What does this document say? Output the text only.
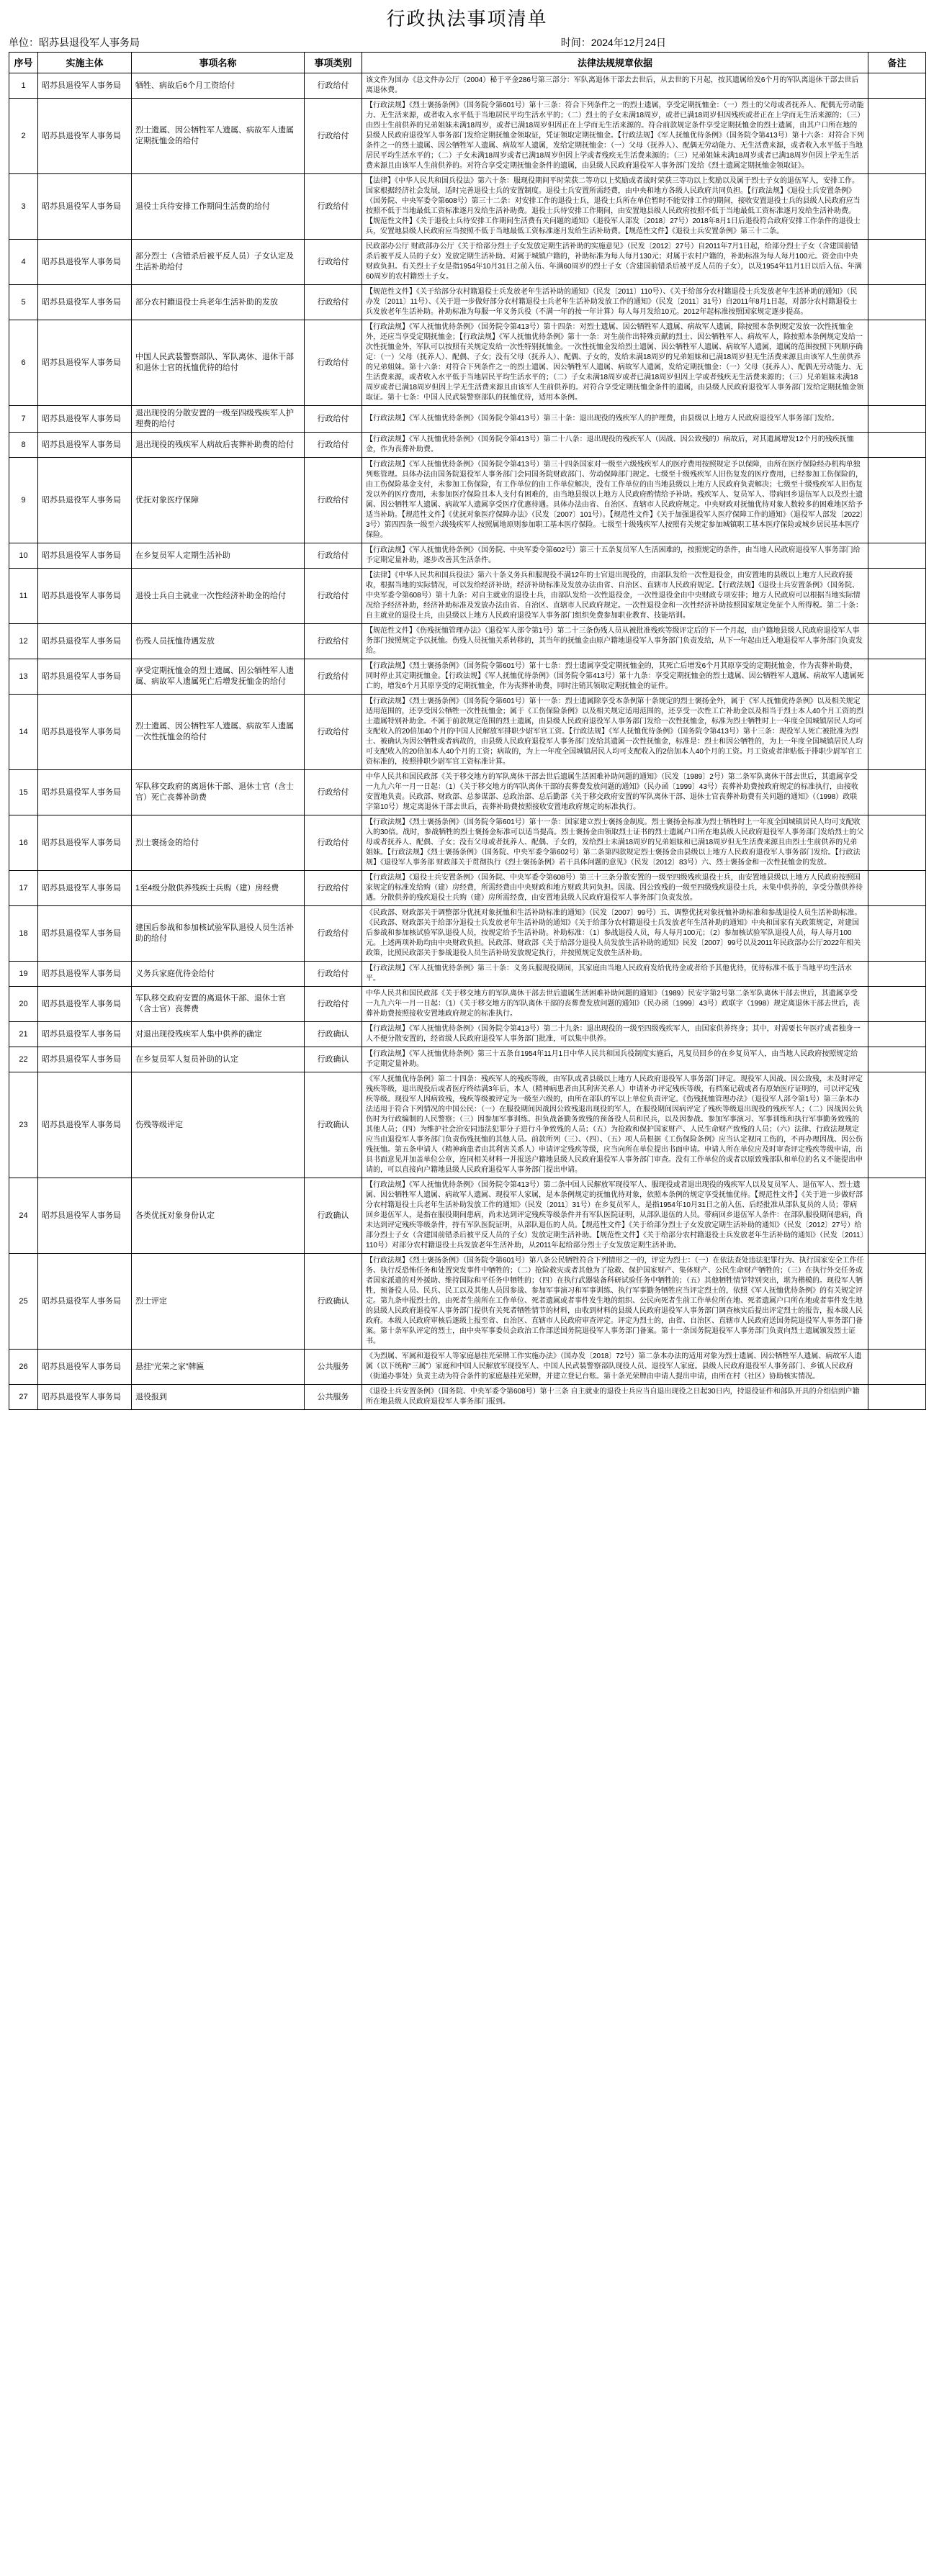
行政执法事项清单
单位：昭苏县退役军人事务局	时间：2024年12月24日
序号	实施主体	事项名称	事项类别	法律法规规章依据	备注
1	昭苏县退役军人事务局	牺牲、病故后6个月工资给付	行政给付	该文件为国办《总文件办公厅（2004）秘于平金286号第三部分：军队离退休干部去去世后，从去世的下月起，按其遗属给发6个月的军队离退休干部去世后离退休费。	
2	昭苏县退役军人事务局	烈士遗属、因公牺牲军人遗属、病故军人遗属定期抚恤金的给付	行政给付	【行政法规】《烈士褒扬条例》（国务院令第601号）第十三条：符合下列条件之一的烈士遗属，享受定期抚恤金：（一）烈士的父母或者抚养人、配偶无劳动能力、无生活来源，或者收入水平低于当地居民平均生活水平的；（二）烈士的子女未满18周岁，或者已满18周岁但因残疾或者正在上学而无生活来源的；（三）由烈士生前供养的兄弟姐妹未满18周岁，或者已满18周岁但因正在上学而无生活来源的。符合前款规定条件享受定期抚恤金的烈士遗属，由其户口所在地的县级人民政府退役军人事务部门发给定期抚恤金领取证，凭证领取定期抚恤金。【行政法规】《军人抚恤优待条例》（国务院令第413号）第十六条：对符合下列条件之一的烈士遗属、因公牺牲军人遗属、病故军人遗属，发给定期抚恤金：（一）父母（抚养人）、配偶无劳动能力、无生活费来源，或者收入水平低于当地居民平均生活水平的；（二）子女未满18周岁或者已满18周岁但因上学或者残疾无生活费来源的；（三）兄弟姐妹未满18周岁或者已满18周岁但因上学无生活费来源且由该军人生前供养的。对符合享受定期抚恤金条件的遗属，由县级人民政府退役军人事务部门发给《烈士遗属定期抚恤金领取证》。	
3	昭苏县退役军人事务局	退役士兵待安排工作期间生活费的给付	行政给付	【法律】《中华人民共和国兵役法》第六十条：服现役期间平时荣获二等功以上奖励或者战时荣获三等功以上奖励以及属于烈士子女的退伍军人，安排工作。国家根据经济社会发展，适时完善退役士兵的安置制度。退役士兵安置所需经费，由中央和地方各级人民政府共同负担。【行政法规】《退役士兵安置条例》（国务院、中央军委令第608号）第三十二条：对安排工作的退役士兵，退役士兵所在单位暂时不能安排工作的期间，接收安置退役士兵的县级人民政府应当按照不低于当地最低工资标准逐月发给生活补助费。退役士兵待安排工作期间，由安置地县级人民政府按照不低于当地最低工资标准逐月发给生活补助费。【规范性文件】《关于退役士兵待安排工作期间生活费有关问题的通知》（退役军人部发〔2018〕27号）2018年8月1日后退役符合政府安排工作条件的退役士兵，安置地县级人民政府应当按照不低于当地最低工资标准逐月发给生活补助费。【规范性文件】《退役士兵安置条例》第三十二条。	
4	昭苏县退役军人事务局	部分烈士（含错杀后被平反人员）子女认定及生活补助给付	行政给付	民政部办公厅 财政部办公厅《关于给部分烈士子女发放定期生活补助的实施意见》（民发〔2012〕27号）自2011年7月1日起，给部分烈士子女（含建国前错杀后被平反人员的子女）发放定期生活补助。对属于城镇户籍的，补助标准为每人每月130元；对属于农村户籍的，补助标准为每人每月100元。资金由中央财政负担。有关烈士子女是指1954年10月31日之前入伍、年满60周岁的烈士子女（含建国前错杀后被平反人员的子女），以及1954年11月1日以后入伍、年满60周岁的农村籍烈士子女。	
5	昭苏县退役军人事务局	部分农村籍退役士兵老年生活补助的发放	行政给付	【规范性文件】《关于给部分农村籍退役士兵发放老年生活补助的通知》（民发〔2011〕110号）、《关于给部分农村籍退役士兵发放老年生活补助的通知》（民办发〔2011〕11号）、《关于进一步做好部分农村籍退役士兵老年生活补助发放工作的通知》（民发〔2011〕31号）自2011年8月1日起，对部分农村籍退役士兵发放老年生活补助。补助标准为每服一年义务兵役（不满一年的按一年计算）每人每月发给10元。2012年起标准按照国家规定逐步提高。	
6	昭苏县退役军人事务局	中国人民武装警察部队、军队离休、退休干部和退休士官的抚恤优待的给付	行政给付	【行政法规】《军人抚恤优待条例》（国务院令第413号）第十四条：对烈士遗属、因公牺牲军人遗属、病故军人遗属，除按照本条例规定发放一次性抚恤金外，还应当享受定期抚恤金；【行政法规】《军人抚恤优待条例》第十一条：对生前作出特殊贡献的烈士、因公牺牲军人、病故军人，除按照本条例规定发给一次性抚恤金外，军队可以按照有关规定发给一次性特别抚恤金。一次性抚恤金发给烈士遗属、因公牺牲军人遗属、病故军人遗属，遗属的范围按照下列顺序确定：（一）父母（抚养人）、配偶、子女；没有父母（抚养人）、配偶、子女的，发给未满18周岁的兄弟姐妹和已满18周岁但无生活费来源且由该军人生前供养的兄弟姐妹。第十六条：对符合下列条件之一的烈士遗属、因公牺牲军人遗属、病故军人遗属，发给定期抚恤金：（一）父母（抚养人）、配偶无劳动能力、无生活费来源，或者收入水平低于当地居民平均生活水平的；（二）子女未满18周岁或者已满18周岁但因上学或者残疾无生活费来源的；（三）兄弟姐妹未满18周岁或者已满18周岁但因上学无生活费来源且由该军人生前供养的。对符合享受定期抚恤金条件的遗属，由县级人民政府退役军人事务部门发给定期抚恤金领取证。第十七条：中国人民武装警察部队的抚恤优待，适用本条例。	
7	昭苏县退役军人事务局	退出现役的分散安置的一级至四级残疾军人护理费的给付	行政给付	【行政法规】《军人抚恤优待条例》（国务院令第413号）第三十条：退出现役的残疾军人的护理费，由县级以上地方人民政府退役军人事务部门发给。	
8	昭苏县退役军人事务局	退出现役的残疾军人病故后丧葬补助费的给付	行政给付	【行政法规】《军人抚恤优待条例》（国务院令第413号）第二十八条：退出现役的残疾军人（因战、因公致残的）病故后，对其遗属增发12个月的残疾抚恤金，作为丧葬补助费。	
9	昭苏县退役军人事务局	优抚对象医疗保障	行政给付	【行政法规】《军人抚恤优待条例》（国务院令第413号）第三十四条国家对一级至六级残疾军人的医疗费用按照规定予以保障，由所在医疗保险经办机构单独列账管理。具体办法由国务院退役军人事务部门会同国务院财政部门、劳动保障部门规定。七级至十级残疾军人旧伤复发的医疗费用，已经参加工伤保险的，由工伤保险基金支付，未参加工伤保险，有工作单位的由工作单位解决，没有工作单位的由当地县级以上地方人民政府负责解决；七级至十级残疾军人旧伤复发以外的医疗费用，未参加医疗保险且本人支付有困难的，由当地县级以上地方人民政府酌情给予补助。残疾军人、复员军人、带病回乡退伍军人以及烈士遗属、因公牺牲军人遗属、病故军人遗属享受医疗优惠待遇。具体办法由省、自治区、直辖市人民政府规定。中央财政对抚恤优待对象人数较多的困难地区给予适当补助。【规范性文件】《优抚对象医疗保障办法》（民发〔2007〕101号）。【规范性文件】《关于加强退役军人医疗保障工作的通知》（退役军人部发〔2022〕3号）第四四条一级至六级残疾军人按照属地原则参加职工基本医疗保险。七级至十级残疾军人按照有关规定参加城镇职工基本医疗保险或城乡居民基本医疗保险。	
10	昭苏县退役军人事务局	在乡复员军人定期生活补助	行政给付	【行政法规】《军人抚恤优待条例》（国务院、中央军委令第602号）第三十五条复员军人生活困难的，按照规定的条件，由当地人民政府退役军人事务部门给予定期定量补助，逐步改善其生活条件。	
11	昭苏县退役军人事务局	退役士兵自主就业一次性经济补助金的给付	行政给付	【法律】《中华人民共和国兵役法》第六十条义务兵和服现役不满12年的士官退出现役的，由部队发给一次性退役金，由安置地的县级以上地方人民政府接收，根据当地的实际情况，可以发给经济补助，经济补助标准及发放办法由省、自治区、直辖市人民政府规定。【行政法规】《退役士兵安置条例》（国务院、中央军委令第608号）第十九条：对自主就业的退役士兵，由部队发给一次性退役金，一次性退役金由中央财政专项安排；地方人民政府可以根据当地实际情况给予经济补助，经济补助标准及发放办法由省、自治区、直辖市人民政府规定。一次性退役金和一次性经济补助按照国家规定免征个人所得税。第二十条：自主就业的退役士兵，由县级以上地方人民政府退役军人事务部门组织免费参加职业教育、技能培训。	
12	昭苏县退役军人事务局	伤残人员抚恤待遇发放	行政给付	【规范性文件】《伤残抚恤管理办法》（退役军人部令第1号）第二十三条伤残人员从被批准残疾等级评定后的下一个月起，由户籍地县级人民政府退役军人事务部门按照规定予以抚恤。伤残人员抚恤关系转移的，其当年的抚恤金由原户籍地退役军人事务部门负责发给，从下一年起由迁入地退役军人事务部门负责发给。	
13	昭苏县退役军人事务局	享受定期抚恤金的烈士遗属、因公牺牲军人遗属、病故军人遗属死亡后增发抚恤金的给付	行政给付	【行政法规】《烈士褒扬条例》（国务院令第601号）第十七条：烈士遗属享受定期抚恤金的，其死亡后增发6个月其原享受的定期抚恤金，作为丧葬补助费，同时停止其定期抚恤金。【行政法规】《军人抚恤优待条例》（国务院令第413号）第十九条：享受定期抚恤金的烈士遗属、因公牺牲军人遗属、病故军人遗属死亡的，增发6个月其原享受的定期抚恤金，作为丧葬补助费，同时注销其领取定期抚恤金的证件。	
14	昭苏县退役军人事务局	烈士遗属、因公牺牲军人遗属、病故军人遗属一次性抚恤金的给付	行政给付	【行政法规】《烈士褒扬条例》（国务院令第601号）第十一条：烈士遗属除享受本条例第十条规定的烈士褒扬金外，属于《军人抚恤优待条例》以及相关规定适用范围的，还享受因公牺牲一次性抚恤金；属于《工伤保险条例》以及相关规定适用范围的，还享受一次性工亡补助金以及相当于烈士本人40个月工资的烈士遗属特别补助金。不属于前款规定范围的烈士遗属，由县级人民政府退役军人事务部门发给一次性抚恤金，标准为烈士牺牲时上一年度全国城镇居民人均可支配收入的20倍加40个月的中国人民解放军排职少尉军官工资。【行政法规】《军人抚恤优待条例》（国务院令第413号）第十三条：现役军人死亡被批准为烈士、被确认为因公牺牲或者病故的，由县级人民政府退役军人事务部门发给其遗属一次性抚恤金，标准是：烈士和因公牺牲的，为上一年度全国城镇居民人均可支配收入的20倍加本人40个月的工资；病故的，为上一年度全国城镇居民人均可支配收入的2倍加本人40个月的工资。月工资或者津贴低于排职少尉军官工资标准的，按照排职少尉军官工资标准计算。	
15	昭苏县退役军人事务局	军队移交政府的离退休干部、退休士官（含士官）死亡丧葬补助费	行政给付	中华人民共和国民政部《关于移交地方的军队离休干部去世后遗属生活困难补助问题的通知》（民发〔1989〕2号）第二条军队离休干部去世后，其遗属享受一九九六年一月一日起：（1）《关于移交地方的军队离休干部的丧葬费发放问题的通知》（民办函〔1999〕43号）丧葬补助费按政府规定的标准执行，由接收安置地负责。民政部、财政部、总参谋部、总政治部、总后勤部《关于移交政府安置的军队离休干部、退休士官丧葬补助费有关问题的通知》（（1998）政联字第10号）规定离退休干部去世后，丧葬补助费按照接收安置地政府规定的标准执行。	
16	昭苏县退役军人事务局	烈士褒扬金的给付	行政给付	【行政法规】《烈士褒扬条例》（国务院令第601号）第十一条：国家建立烈士褒扬金制度。烈士褒扬金标准为烈士牺牲时上一年度全国城镇居民人均可支配收入的30倍。战时，参战牺牲的烈士褒扬金标准可以适当提高。烈士褒扬金由领取烈士证书的烈士遗属户口所在地县级人民政府退役军人事务部门发给烈士的父母或者抚养人、配偶、子女；没有父母或者抚养人、配偶、子女的，发给烈士未满18周岁的兄弟姐妹和已满18周岁但无生活费来源且由烈士生前供养的兄弟姐妹。【行政法规】《烈士褒扬条例》（国务院、中央军委令第602号）第二条第四款规定烈士褒扬金由县级以上地方人民政府退役军人事务部门发给。【行政法规】《退役军人事务部 财政部关于贯彻执行《烈士褒扬条例》若干具体问题的意见》（民发〔2012〕83号）六、烈士褒扬金和一次性抚恤金的发放。	
17	昭苏县退役军人事务局	1至4级分散供养残疾士兵购（建）房经费	行政给付	【行政法规】《退役士兵安置条例》（国务院、中央军委令第608号）第三十三条分散安置的一级至四级残疾退役士兵，由安置地县级以上地方人民政府按照国家规定的标准发给购（建）房经费，所需经费由中央财政和地方财政共同负担。因战、因公致残的一级至四级残疾退役士兵，未集中供养的，享受分散供养待遇。分散供养的残疾退役士兵购（建）房所需经费，由安置地县级人民政府退役军人事务部门负责发放。	
18	昭苏县退役军人事务局	建国后参战和参加核试验军队退役人员生活补助的给付	行政给付	《民政部、财政部关于调整部分优抚对象抚恤和生活补助标准的通知》（民发〔2007〕99号）五、调整优抚对象抚恤补助标准和参战退役人员生活补助标准。《民政部、财政部关于给部分退役士兵发放老年生活补助的通知》《关于给部分农村籍退役士兵发放老年生活补助的通知》中央和国家有关政策规定，对建国后参战和参加核试验军队退役人员，按规定给予生活补助。补助标准：（1）参战退役人员，每人每月100元；（2）参加核试验军队退役人员，每人每月100元。上述两项补助均由中央财政负担。民政部、财政部《关于给部分退役人员发放生活补助的通知》民发〔2007〕99号以及2011年民政部办公厅2022年相关政策，比照民政部关于参战退役人员生活补助发放规定执行，并按照规定发放生活补助。	
19	昭苏县退役军人事务局	义务兵家庭优待金给付	行政给付	【行政法规】《军人抚恤优待条例》第三十条：义务兵服现役期间，其家庭由当地人民政府发给优待金或者给予其他优待，优待标准不低于当地平均生活水平。	
20	昭苏县退役军人事务局	军队移交政府安置的离退休干部、退休士官（含士官）丧葬费	行政给付	中华人民共和国民政部《关于移交地方的军队离休干部去世后遗属生活困难补助问题的通知》（1989）民安字第2号第二条军队离休干部去世后，其遗属享受一九九六年一月一日起：（1）《关于移交地方的军队离休干部的丧葬费发放问题的通知》（民办函〔1999〕43号）政联字（1998）规定离退休干部去世后，丧葬补助费按照接收安置地政府规定的标准执行。	
21	昭苏县退役军人事务局	对退出现役残疾军人集中供养的确定	行政确认	【行政法规】《军人抚恤优待条例》（国务院令第413号）第二十九条：退出现役的一级至四级残疾军人，由国家供养终身；其中，对需要长年医疗或者独身一人不便分散安置的，经省级人民政府退役军人事务部门批准，可以集中供养。	
22	昭苏县退役军人事务局	在乡复员军人复员补助的认定	行政确认	【行政法规】《军人抚恤优待条例》第三十五条自1954年11月1日中华人民共和国兵役制度实施后，凡复员回乡的在乡复员军人，由当地人民政府按照规定给予定期定量补助。	
23	昭苏县退役军人事务局	伤残等级评定	行政确认	《军人抚恤优待条例》第二十四条：残疾军人的残疾等级，由军队或者县级以上地方人民政府退役军人事务部门评定。现役军人因战、因公致残，未及时评定残疾等级，退出现役后或者医疗终结满3年后，本人（精神病患者由其利害关系人）申请补办评定残疾等级，有档案记载或者有原始医疗证明的，可以评定残疾等级。现役军人因病致残，残疾等级被评定为一级至六级的，由所在部队的军以上单位负责评定。《伤残抚恤管理办法》（退役军人部令第1号）第三条本办法适用于符合下列情况的中国公民：（一）在服役期间因战因公致残退出现役的军人，在服役期间因病评定了残疾等级退出现役的残疾军人；（二）因战因公负伤时为行政编制的人民警察；（三）因参加军事训练、担负战备勤务致残的预备役人员和民兵，以及因参战、参加军事演习、军事训练和执行军事勤务致残的其他人员；（四）为维护社会治安同违法犯罪分子进行斗争致残的人员；（五）为抢救和保护国家财产、人民生命财产致残的人员；（六）法律、行政法规规定应当由退役军人事务部门负责伤残抚恤的其他人员。前款所列（三）、（四）、（五）项人员根据《工伤保险条例》应当认定视同工伤的，不再办理因战、因公伤残抚恤。第五条申请人（精神病患者由其利害关系人）申请评定残疾等级，应当向所在单位提出书面申请。申请人所在单位应及时审查评定残疾等级申请，出具书面意见并加盖单位公章，连同相关材料一并报送户籍地县级人民政府退役军人事务部门审查。没有工作单位的或者以原致残部队和单位的名义不能提出申请的，可以直接向户籍地县级人民政府退役军人事务部门提出申请。	
24	昭苏县退役军人事务局	各类优抚对象身份认定	行政确认	【行政法规】《军人抚恤优待条例》（国务院令第413号）第二条中国人民解放军现役军人、服现役或者退出现役的残疾军人以及复员军人、退伍军人、烈士遗属、因公牺牲军人遗属、病故军人遗属、现役军人家属，是本条例规定的抚恤优待对象，依照本条例的规定享受抚恤优待。【规范性文件】《关于进一步做好部分农村籍退役士兵老年生活补助发放工作的通知》（民发〔2011〕31号）在乡复员军人，是指1954年10月31日之前入伍、后经批准从部队复员的人员；带病回乡退伍军人，是指在服役期间患病，尚未达到评定残疾等级条件并有军队医院证明，从部队退伍的人员。带病回乡退伍军人条件：在部队服役期间患病，尚未达到评定残疾等级条件，持有军队医院证明，从部队退伍的人员。【规范性文件】《关于给部分烈士子女发放定期生活补助的通知》（民发〔2012〕27号）给部分烈士子女（含建国前错杀后被平反人员的子女）发放定期生活补助。【规范性文件】《关于给部分农村籍退役士兵发放老年生活补助的通知》（民发〔2011〕110号）对部分农村籍退役士兵发放老年生活补助，从2011年起给部分烈士子女发放定期生活补助。	
25	昭苏县退役军人事务局	烈士评定	行政确认	【行政法规】《烈士褒扬条例》（国务院令第601号）第八条公民牺牲符合下列情形之一的，评定为烈士：（一）在依法查处违法犯罪行为、执行国家安全工作任务、执行反恐怖任务和处置突发事件中牺牲的；（二）抢险救灾或者其他为了抢救、保护国家财产、集体财产、公民生命财产牺牲的；（三）在执行外交任务或者国家派遣的对外援助、维持国际和平任务中牺牲的；（四）在执行武器装备科研试验任务中牺牲的；（五）其他牺牲情节特别突出，堪为楷模的。现役军人牺牲，预备役人员、民兵、民工以及其他人员因参战、参加军事演习和军事训练、执行军事勤务牺牲应当评定烈士的，依照《军人抚恤优待条例》的有关规定评定。第九条申报烈士的，由死者生前所在工作单位、死者遗属或者事件发生地的组织、公民向死者生前工作单位所在地、死者遗属户口所在地或者事件发生地的县级人民政府退役军人事务部门提供有关死者牺牲情节的材料，由收到材料的县级人民政府退役军人事务部门调查核实后提出评定烈士的报告，报本级人民政府。本级人民政府审核后逐级上报至省、自治区、直辖市人民政府审查评定。评定为烈士的，由省、自治区、直辖市人民政府送国务院退役军人事务部门备案。第十条军队评定的烈士，由中央军事委员会政治工作部送国务院退役军人事务部门备案。第十一条国务院退役军人事务部门负责向烈士遗属颁发烈士证书。	
26	昭苏县退役军人事务局	悬挂“光荣之家”牌匾	公共服务	《为烈属、军属和退役军人等家庭悬挂光荣牌工作实施办法》（国办发〔2018〕72号）第二条本办法的适用对象为烈士遗属、因公牺牲军人遗属、病故军人遗属（以下统称“三属”）家庭和中国人民解放军现役军人、中国人民武装警察部队现役人员、退役军人家庭。县级人民政府退役军人事务部门、乡镇人民政府（街道办事处）负责主动为符合条件的家庭悬挂光荣牌，并建立登记台账。第十条光荣牌由申请人提出申请，由所在村（社区）协助核实情况。	
27	昭苏县退役军人事务局	退役报到	公共服务	《退役士兵安置条例》（国务院、中央军委令第608号）第十三条 自主就业的退役士兵应当自退出现役之日起30日内，持退役证件和部队开具的介绍信到户籍所在地县级人民政府退役军人事务部门报到。	
